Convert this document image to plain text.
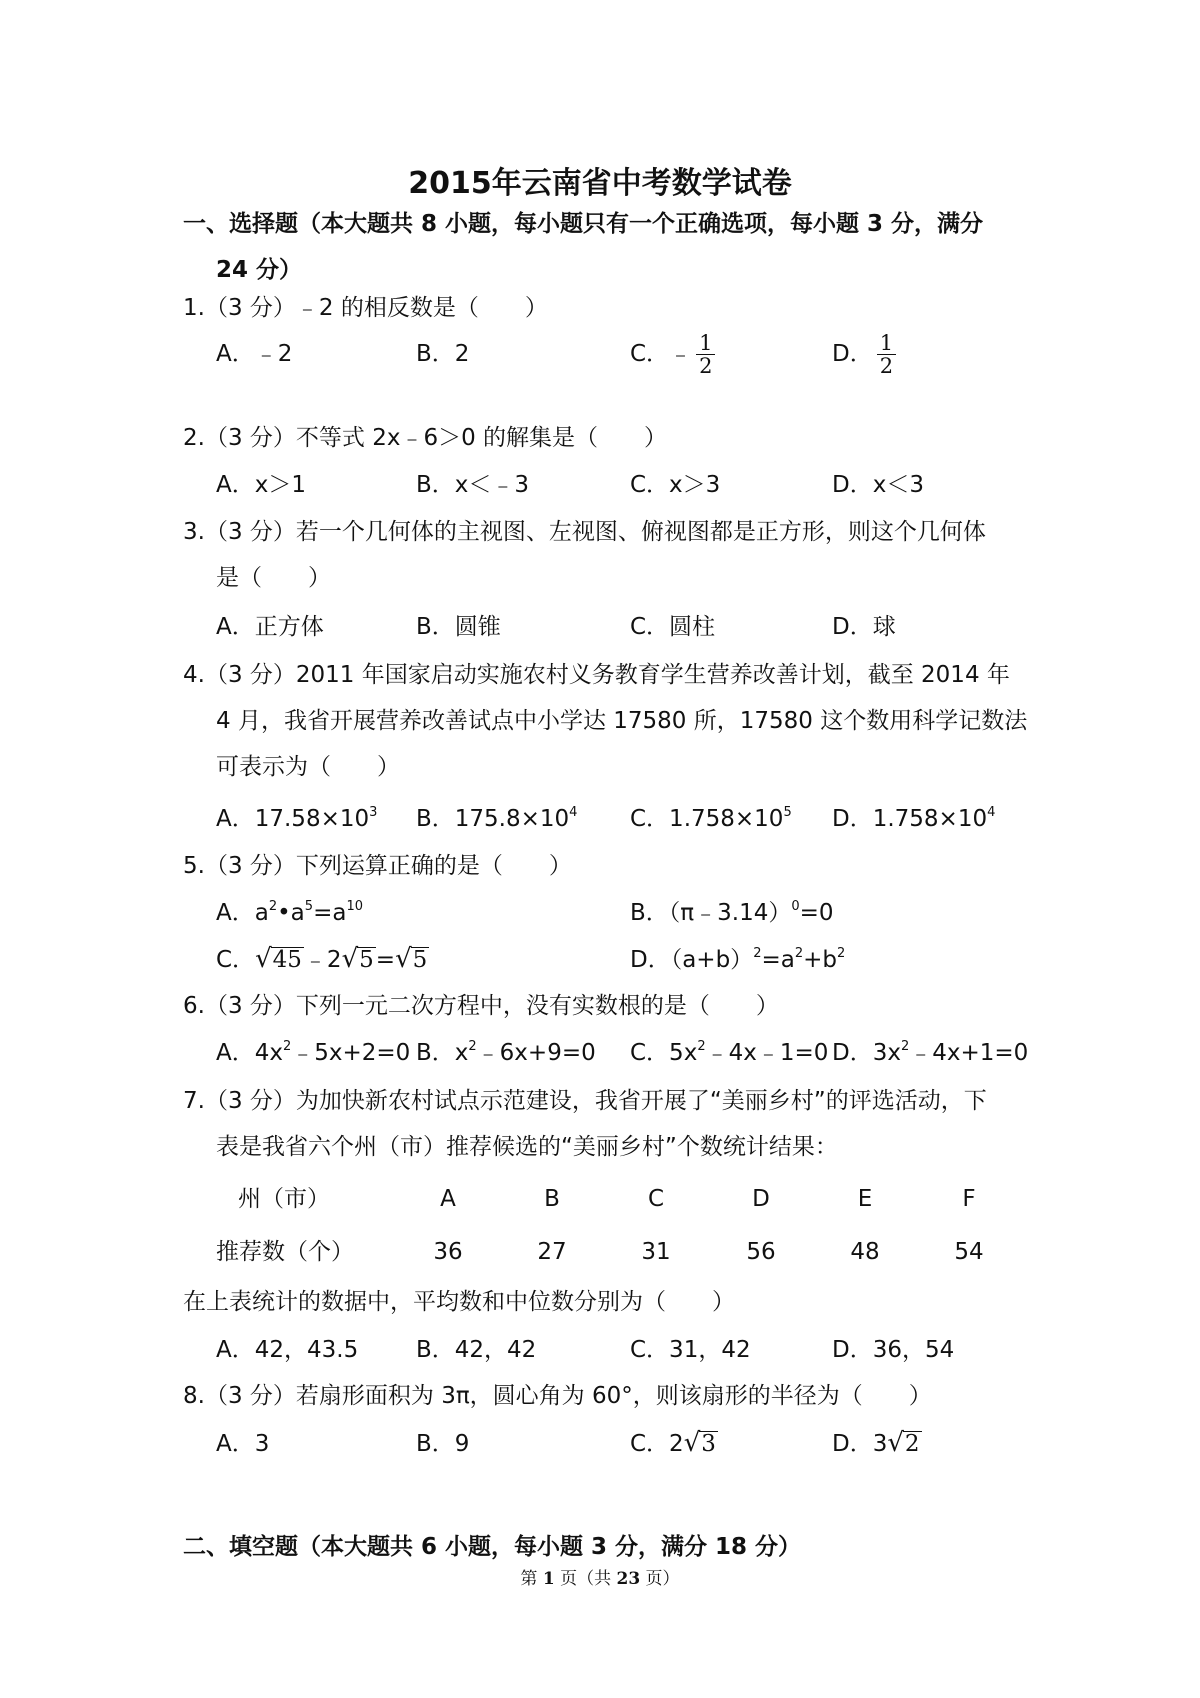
2015年云南省中考数学试卷
一、选择题（本大题共 8 小题，每小题只有一个正确选项，每小题 3 分，满分
24 分）
1.（3 分）﹣2 的相反数是（　　）
A．﹣2	B．2	C．﹣ $\frac{1}{2}$	D． $\frac{1}{2}$
2.（3 分）不等式 2x﹣6＞0 的解集是（　　）
A．x＞1	B．x＜﹣3	C．x＞3	D．x＜3
3.（3 分）若一个几何体的主视图、左视图、俯视图都是正方形，则这个几何体
是（　　）
A．正方体	B．圆锥	C．圆柱	D．球
4.（3 分）2011 年国家启动实施农村义务教育学生营养改善计划，截至 2014 年
4 月，我省开展营养改善试点中小学达 17580 所，17580 这个数用科学记数法
可表示为（　　）
A．$17.58\times 10^3$ B．$175.8\times 10^4$ C．$1.758\times 10^5$ D．$1.758\times 10^4$
5.（3 分）下列运算正确的是（　　）
A．$a^2•a^5=a^{10}$	B．（π﹣3.14）$^0$=0
C． √ 45 ﹣2 √ 5 = √ 5	D．$(a+b)^2=a^2+b^2$
6.（3 分）下列一元二次方程中，没有实数根的是（　　）
A．$4x^2﹣5x+2=0$ B．$x^2﹣6x+9=0$ C．$5x^2﹣4x﹣1=0$ D．$3x^2﹣4x+1=0$
7.（3 分）为加快新农村试点示范建设，我省开展了“美丽乡村”的评选活动，下
表是我省六个州（市）推荐候选的“美丽乡村”个数统计结果：
州（市）	A	B	C	D	E	F
推荐数（个）	36	27	31	56	48	54
在上表统计的数据中，平均数和中位数分别为（　　）
A．42，43.5	B．42，42	C．31，42	D．36，54
8.（3 分）若扇形面积为 3π，圆心角为 60°，则该扇形的半径为（　　）
A．3	B．9	C．2 √ 3	D．3 √ 2
二、填空题（本大题共 6 小题，每小题 3 分，满分 18 分）
第 1 页（共 23 页）
